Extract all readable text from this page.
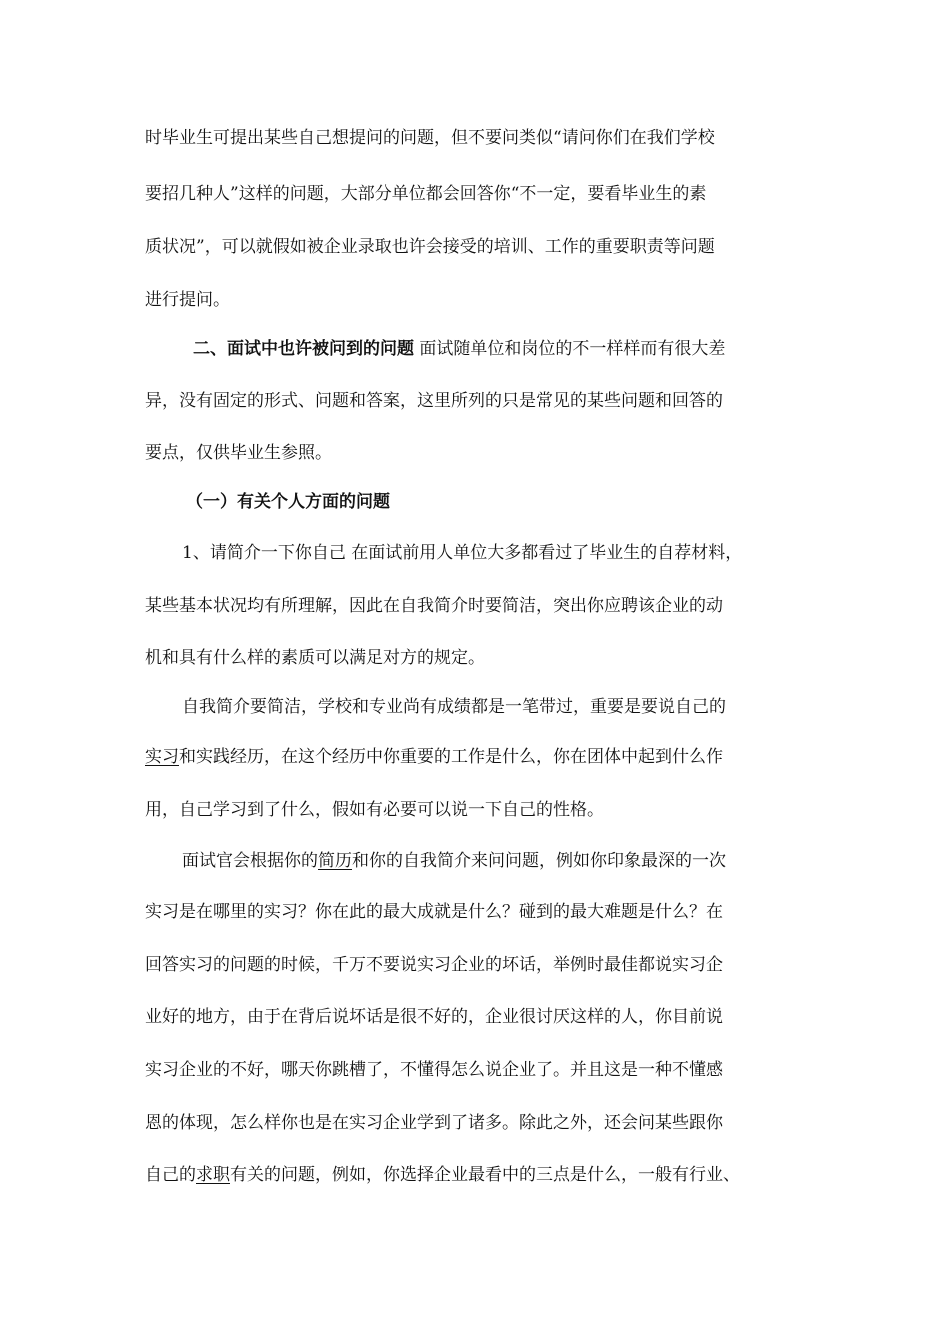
时毕业生可提出某些自己想提问的问题，但不要问类似“请问你们在我们学校
要招几种人”这样的问题，大部分单位都会回答你“不一定，要看毕业生的素
质状况”，可以就假如被企业录取也许会接受的培训、工作的重要职责等问题
进行提问。
二、面试中也许被问到的问题 面试随单位和岗位的不一样样而有很大差
异，没有固定的形式、问题和答案，这里所列的只是常见的某些问题和回答的
要点，仅供毕业生参照。
（一）有关个人方面的问题
1、请简介一下你自己 在面试前用人单位大多都看过了毕业生的自荐材料，
某些基本状况均有所理解，因此在自我简介时要简洁，突出你应聘该企业的动
机和具有什么样的素质可以满足对方的规定。
自我简介要简洁，学校和专业尚有成绩都是一笔带过，重要是要说自己的
实习和实践经历，在这个经历中你重要的工作是什么，你在团体中起到什么作
用，自己学习到了什么，假如有必要可以说一下自己的性格。
面试官会根据你的简历和你的自我简介来问问题，例如你印象最深的一次
实习是在哪里的实习？你在此的最大成就是什么？碰到的最大难题是什么？在
回答实习的问题的时候，千万不要说实习企业的坏话，举例时最佳都说实习企
业好的地方，由于在背后说坏话是很不好的，企业很讨厌这样的人，你目前说
实习企业的不好，哪天你跳槽了，不懂得怎么说企业了。并且这是一种不懂感
恩的体现，怎么样你也是在实习企业学到了诸多。除此之外，还会问某些跟你
自己的求职有关的问题，例如，你选择企业最看中的三点是什么，一般有行业、
